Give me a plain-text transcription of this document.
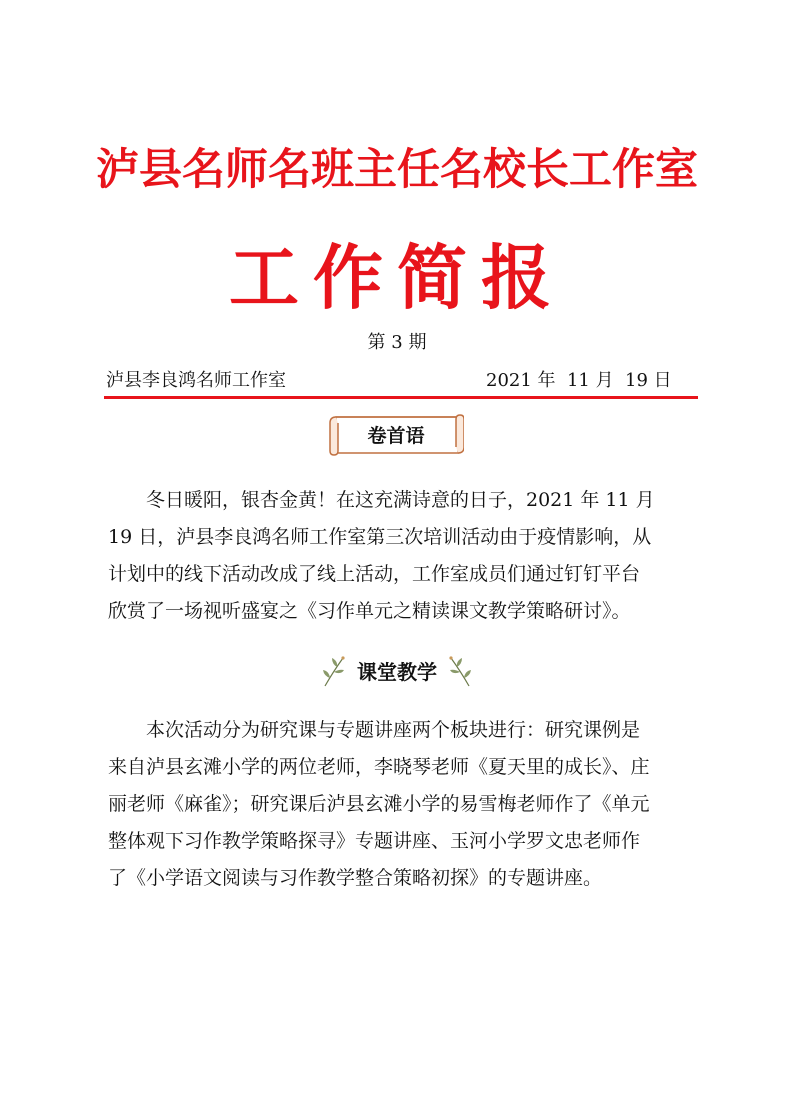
泸县名师名班主任名校长工作室
工作简报
第 3 期
泸县李良鸿名师工作室	2021 年  11 月  19 日
卷首语
冬日暖阳，银杏金黄！在这充满诗意的日子，2021 年 11 月
19 日，泸县李良鸿名师工作室第三次培训活动由于疫情影响，从
计划中的线下活动改成了线上活动，工作室成员们通过钉钉平台
欣赏了一场视听盛宴之《习作单元之精读课文教学策略研讨》。
课堂教学
本次活动分为研究课与专题讲座两个板块进行：研究课例是
来自泸县玄滩小学的两位老师，李晓琴老师《夏天里的成长》、庄
丽老师《麻雀》；研究课后泸县玄滩小学的易雪梅老师作了《单元
整体观下习作教学策略探寻》专题讲座、玉河小学罗文忠老师作
了《小学语文阅读与习作教学整合策略初探》的专题讲座。
